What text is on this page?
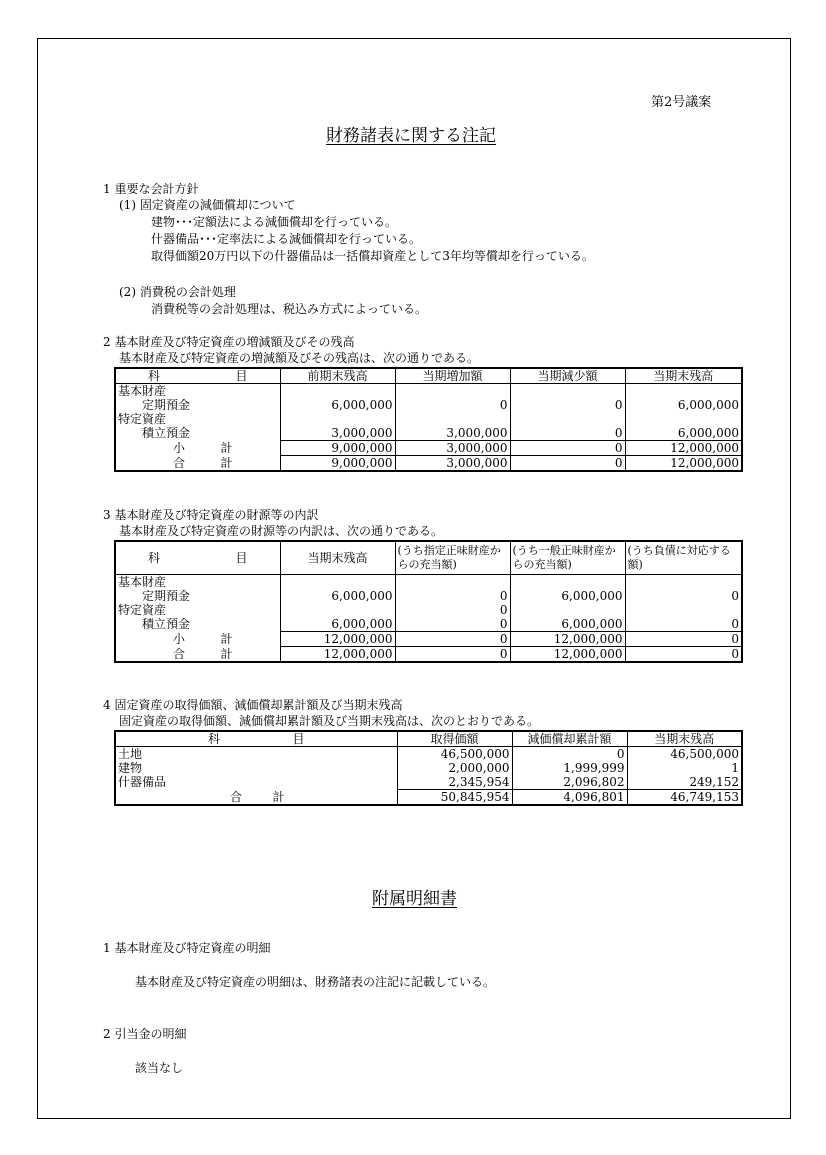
第2号議案
財務諸表に関する注記
1 重要な会計方針
(1) 固定資産の減価償却について
建物･･･定額法による減価償却を行っている。
什器備品･･･定率法による減価償却を行っている。
取得価額20万円以下の什器備品は一括償却資産として3年均等償却を行っている。
(2) 消費税の会計処理
消費税等の会計処理は、税込み方式によっている。
2 基本財産及び特定資産の増減額及びその残高
基本財産及び特定資産の増減額及びその残高は、次の通りである。
科 目	前期末残高	当期増加額	当期減少額	当期末残高
基本財産				
定期預金	6,000,000	0	0	6,000,000
特定資産				
積立預金	3,000,000	3,000,000	0	6,000,000

小 計	9,000,000	3,000,000	0	12,000,000

合 計	9,000,000	3,000,000	0	12,000,000
3 基本財産及び特定資産の財源等の内訳
基本財産及び特定資産の財源等の内訳は、次の通りである。
科 目	当期末残高	(うち指定正味財産からの充当額)	(うち一般正味財産からの充当額)	(うち負債に対応する額)
基本財産				
定期預金	6,000,000	0	6,000,000	0
特定資産		0		
積立預金	6,000,000	0	6,000,000	0

小 計	12,000,000	0	12,000,000	0

合 計	12,000,000	0	12,000,000	0
4 固定資産の取得価額、減価償却累計額及び当期末残高
固定資産の取得価額、減価償却累計額及び当期末残高は、次のとおりである。
科 目	取得価額	減価償却累計額	当期末残高
土地	46,500,000	0	46,500,000
建物	2,000,000	1,999,999	1
什器備品	2,345,954	2,096,802	249,152

合 計	50,845,954	4,096,801	46,749,153
附属明細書
1 基本財産及び特定資産の明細
基本財産及び特定資産の明細は、財務諸表の注記に記載している。
2 引当金の明細
該当なし
